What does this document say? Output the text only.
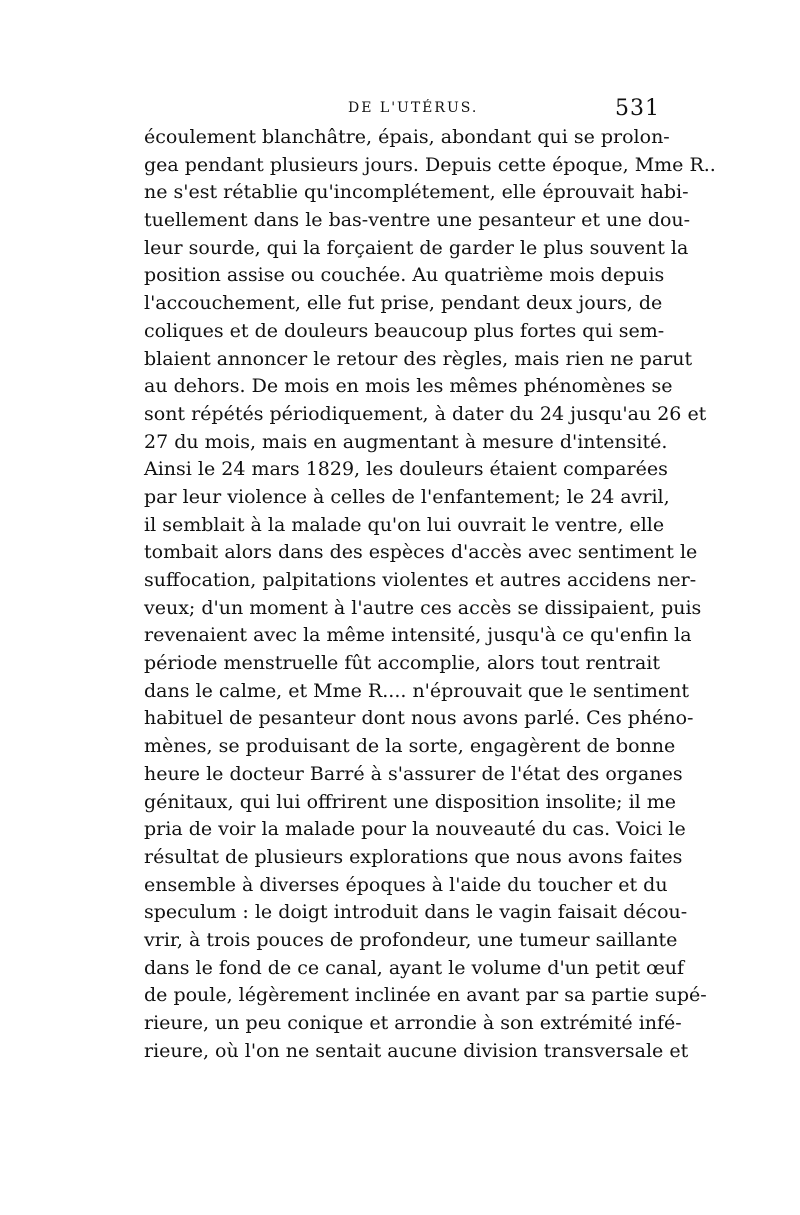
DE L'UTÉRUS.	531
écoulement blanchâtre, épais, abondant qui se prolon-
gea pendant plusieurs jours. Depuis cette époque, Mme R..
ne s'est rétablie qu'incomplétement, elle éprouvait habi-
tuellement dans le bas-ventre une pesanteur et une dou-
leur sourde, qui la forçaient de garder le plus souvent la
position assise ou couchée. Au quatrième mois depuis
l'accouchement, elle fut prise, pendant deux jours, de
coliques et de douleurs beaucoup plus fortes qui sem-
blaient annoncer le retour des règles, mais rien ne parut
au dehors. De mois en mois les mêmes phénomènes se
sont répétés périodiquement, à dater du 24 jusqu'au 26 et
27 du mois, mais en augmentant à mesure d'intensité.
Ainsi le 24 mars 1829, les douleurs étaient comparées
par leur violence à celles de l'enfantement; le 24 avril,
il semblait à la malade qu'on lui ouvrait le ventre, elle
tombait alors dans des espèces d'accès avec sentiment le
suffocation, palpitations violentes et autres accidens ner-
veux; d'un moment à l'autre ces accès se dissipaient, puis
revenaient avec la même intensité, jusqu'à ce qu'enfin la
période menstruelle fût accomplie, alors tout rentrait
dans le calme, et Mme R.... n'éprouvait que le sentiment
habituel de pesanteur dont nous avons parlé. Ces phéno-
mènes, se produisant de la sorte, engagèrent de bonne
heure le docteur Barré à s'assurer de l'état des organes
génitaux, qui lui offrirent une disposition insolite; il me
pria de voir la malade pour la nouveauté du cas. Voici le
résultat de plusieurs explorations que nous avons faites
ensemble à diverses époques à l'aide du toucher et du
speculum : le doigt introduit dans le vagin faisait décou-
vrir, à trois pouces de profondeur, une tumeur saillante
dans le fond de ce canal, ayant le volume d'un petit œuf
de poule, légèrement inclinée en avant par sa partie supé-
rieure, un peu conique et arrondie à son extrémité infé-
rieure, où l'on ne sentait aucune division transversale et
